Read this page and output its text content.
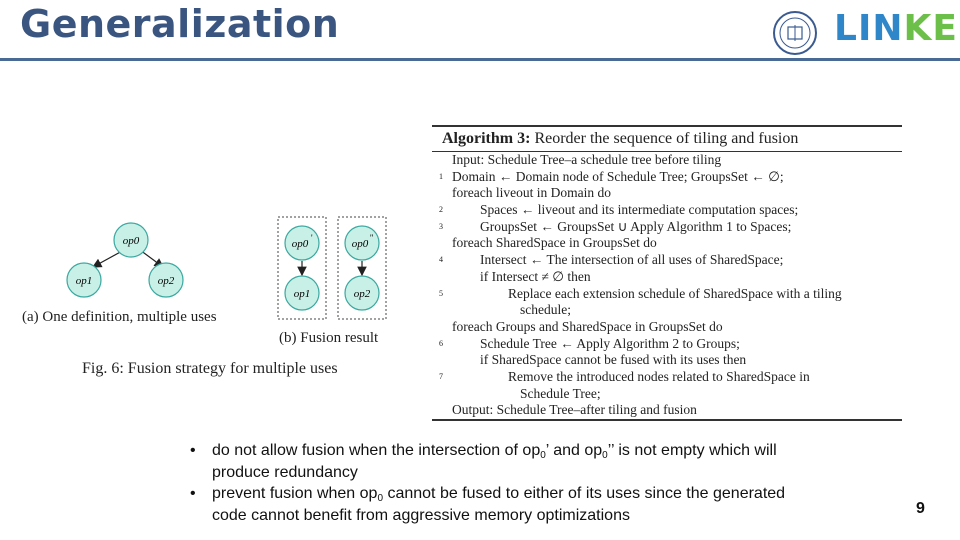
Generalization	LINKE
op0
op1	op2
op0 '
op1
op0 ''
op2
(a) One definition, multiple uses
(b) Fusion result
Fig. 6: Fusion strategy for multiple uses
Algorithm 3: Reorder the sequence of tiling and fusion
Input: Schedule Tree–a schedule tree before tiling
1 Domain ← Domain node of Schedule Tree; GroupsSet ← ∅;
foreach liveout in Domain do
2	Spaces ← liveout and its intermediate computation spaces;
3	GroupsSet ← GroupsSet ∪ Apply Algorithm 1 to Spaces;
foreach SharedSpace in GroupsSet do
4	Intersect ← The intersection of all uses of SharedSpace;
if Intersect ≠ ∅ then
5	Replace each extension schedule of SharedSpace with a tiling
schedule;
foreach Groups and SharedSpace in GroupsSet do
6	Schedule Tree ← Apply Algorithm 2 to Groups;
if SharedSpace cannot be fused with its uses then
7	Remove the introduced nodes related to SharedSpace in
Schedule Tree;
Output: Schedule Tree–after tiling and fusion
• do not allow fusion when the intersection of $op_0$’ and $op_0$’’ is not empty which will produce redundancy
• prevent fusion when $op_0$ cannot be fused to either of its uses since the generated code cannot benefit from aggressive memory optimizations	9
